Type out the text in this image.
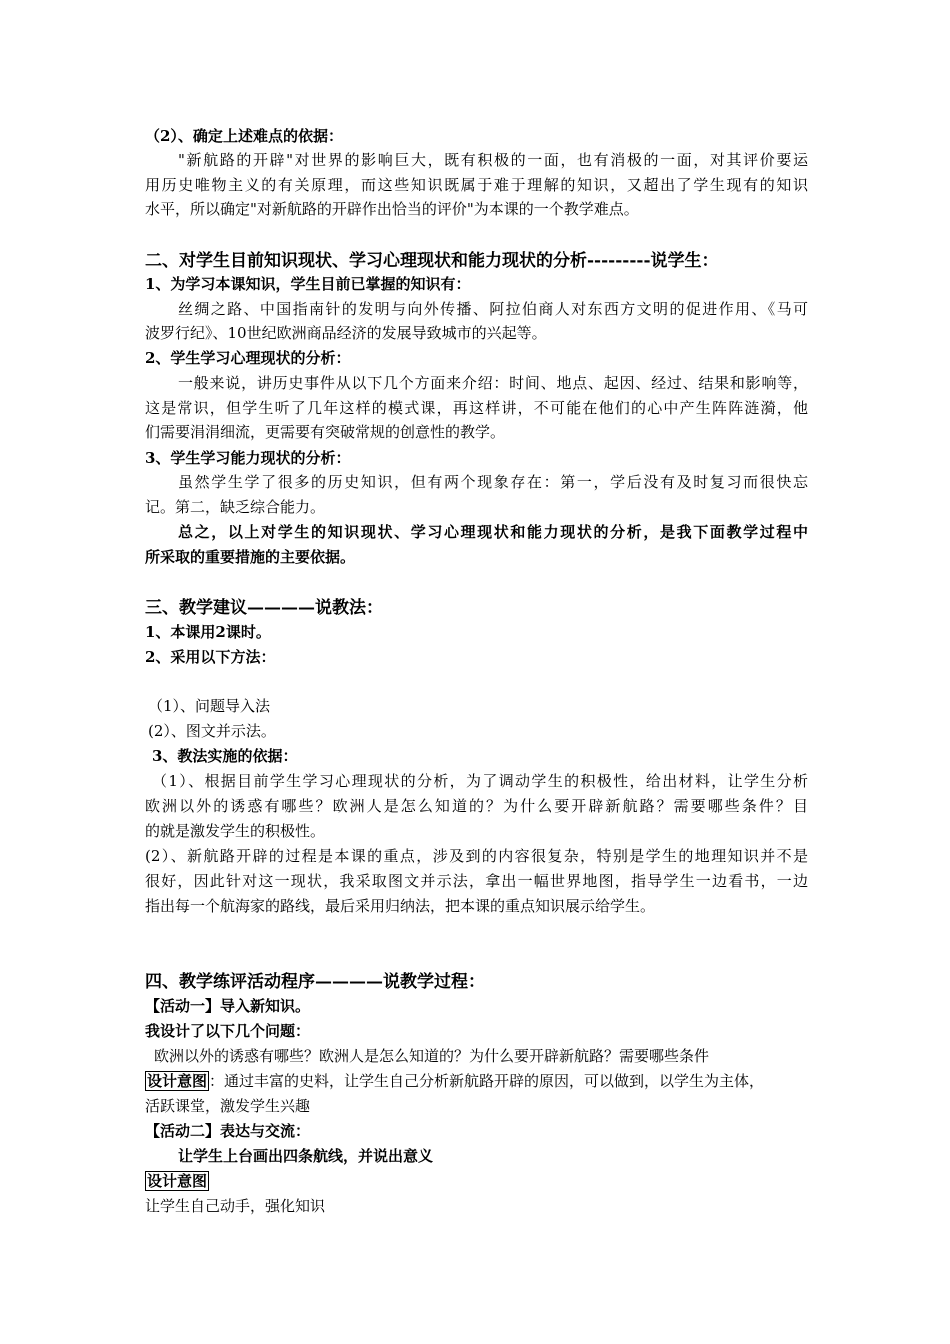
（2）、确定上述难点的依据：
"新航路的开辟"对世界的影响巨大，既有积极的一面，也有消极的一面，对其评价要运
用历史唯物主义的有关原理，而这些知识既属于难于理解的知识，又超出了学生现有的知识
水平，所以确定"对新航路的开辟作出恰当的评价"为本课的一个教学难点。
二、对学生目前知识现状、学习心理现状和能力现状的分析---------说学生：
1、为学习本课知识，学生目前已掌握的知识有：
丝绸之路、中国指南针的发明与向外传播、阿拉伯商人对东西方文明的促进作用、《马可
波罗行纪》、10世纪欧洲商品经济的发展导致城市的兴起等。
2、学生学习心理现状的分析：
一般来说，讲历史事件从以下几个方面来介绍：时间、地点、起因、经过、结果和影响等，
这是常识，但学生听了几年这样的模式课，再这样讲，不可能在他们的心中产生阵阵涟漪，他
们需要涓涓细流，更需要有突破常规的创意性的教学。
3、学生学习能力现状的分析：
虽然学生学了很多的历史知识，但有两个现象存在：第一，学后没有及时复习而很快忘
记。第二，缺乏综合能力。
总之，以上对学生的知识现状、学习心理现状和能力现状的分析，是我下面教学过程中
所采取的重要措施的主要依据。
三、教学建议————说教法：
1、本课用2课时。
2、采用以下方法：
（1）、问题导入法
(2）、图文并示法。
3、教法实施的依据：
（1）、根据目前学生学习心理现状的分析，为了调动学生的积极性，给出材料，让学生分析
欧洲以外的诱惑有哪些？欧洲人是怎么知道的？为什么要开辟新航路？需要哪些条件？目
的就是激发学生的积极性。
(2）、新航路开辟的过程是本课的重点，涉及到的内容很复杂，特别是学生的地理知识并不是
很好，因此针对这一现状，我采取图文并示法，拿出一幅世界地图，指导学生一边看书，一边
指出每一个航海家的路线，最后采用归纳法，把本课的重点知识展示给学生。
四、教学练评活动程序————说教学过程：
【活动一】导入新知识。
我设计了以下几个问题：
欧洲以外的诱惑有哪些？欧洲人是怎么知道的？为什么要开辟新航路？需要哪些条件
设计意图 ：通过丰富的史料，让学生自己分析新航路开辟的原因，可以做到，以学生为主体，
活跃课堂，激发学生兴趣
【活动二】表达与交流：
让学生上台画出四条航线，并说出意义
设计意图
让学生自己动手，强化知识
